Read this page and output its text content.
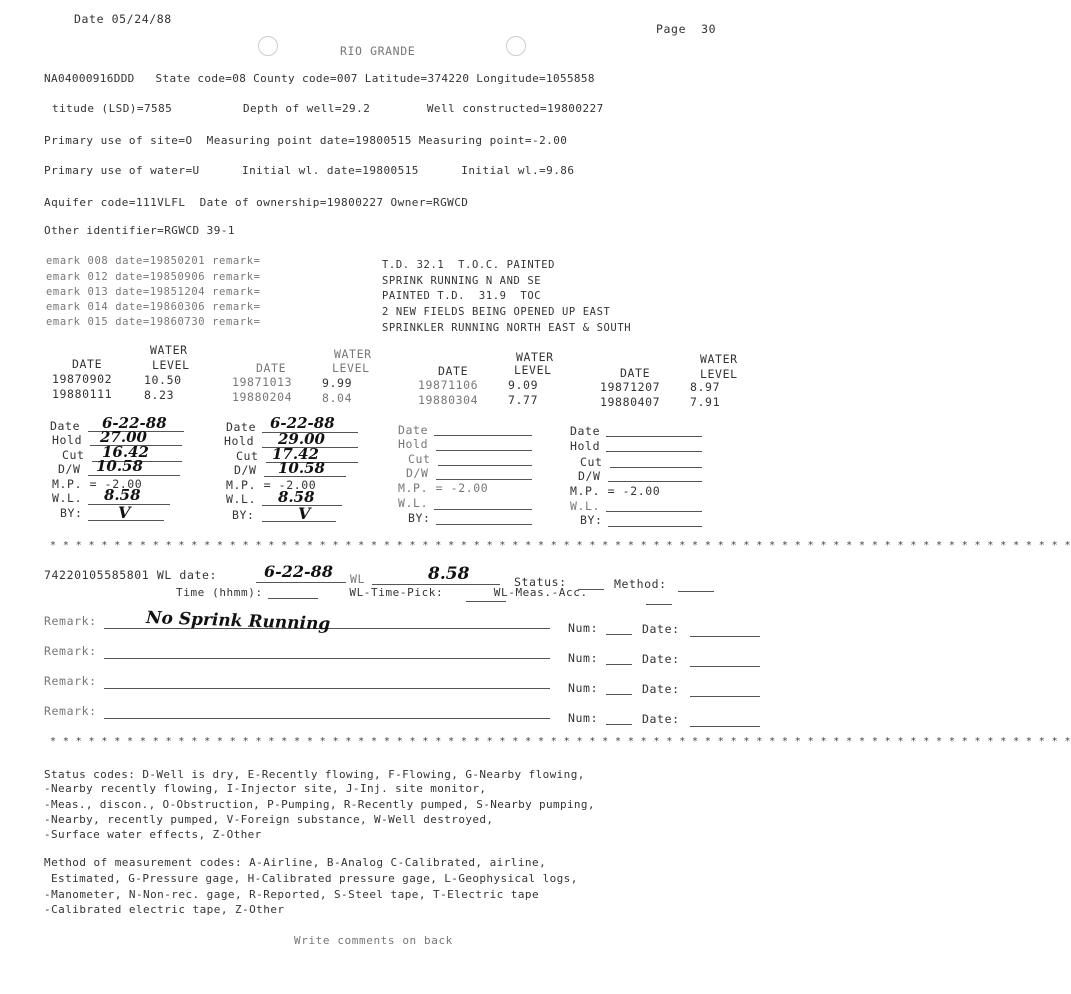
Date 05/24/88
Page  30
RIO GRANDE
NA04000916DDD   State code=08 County code=007 Latitude=374220 Longitude=1055858
titude (LSD)=7585          Depth of well=29.2        Well constructed=19800227
Primary use of site=O  Measuring point date=19800515 Measuring point=-2.00
Primary use of water=U      Initial wl. date=19800515      Initial wl.=9.86
Aquifer code=111VLFL  Date of ownership=19800227 Owner=RGWCD
Other identifier=RGWCD 39-1
emark 008 date=19850201 remark=	T.D. 32.1  T.O.C. PAINTED
emark 012 date=19850906 remark=	SPRINK RUNNING N AND SE
emark 013 date=19851204 remark=	PAINTED T.D.  31.9  TOC
emark 014 date=19860306 remark=	2 NEW FIELDS BEING OPENED UP EAST
emark 015 date=19860730 remark=	SPRINKLER RUNNING NORTH EAST & SOUTH
WATER
DATE	LEVEL
WATER
DATE	LEVEL
WATER
DATE	LEVEL
WATER
DATE	LEVEL
19870902	10.50	19871013	9.99	19871106	9.09	19871207	8.97
19880111	8.23	19880204	8.04	19880304	7.77	19880407	7.91
Date 6-22-88
Hold 27.00
Cut 16.42
D/W 10.58
M.P. = -2.00
W.L. 8.58
BY: V
Date 6-22-88
Hold 29.00
Cut 17.42
D/W 10.58
M.P. = -2.00
W.L. 8.58
BY:	V
Date
Hold
Cut
D/W
M.P. = -2.00
W.L.
BY:
Date
Hold
Cut
D/W
M.P. = -2.00
W.L.
BY:
* * * * * * * * * * * * * * * * * * * * * * * * * * * * * * * * * * * * * * * * * * * * * * * * * * * * * * * * * * * * * * * * * * * * * * * * * * * * * * * *
74220105585801 WL date:	6-22-88 WL	8.58	Status:	Method:
Time (hhmm):            WL-Time-Pick:       WL-Meas.-Acc.
Remark:	No Sprink Running	Num:	Date:
Remark:	Num:	Date:
Remark:	Num:	Date:
Remark:	Num:	Date:
* * * * * * * * * * * * * * * * * * * * * * * * * * * * * * * * * * * * * * * * * * * * * * * * * * * * * * * * * * * * * * * * * * * * * * * * * * * * * * * *
Status codes: D-Well is dry, E-Recently flowing, F-Flowing, G-Nearby flowing,
-Nearby recently flowing, I-Injector site, J-Inj. site monitor,
-Meas., discon., O-Obstruction, P-Pumping, R-Recently pumped, S-Nearby pumping,
-Nearby, recently pumped, V-Foreign substance, W-Well destroyed,
-Surface water effects, Z-Other
Method of measurement codes: A-Airline, B-Analog C-Calibrated, airline,
Estimated, G-Pressure gage, H-Calibrated pressure gage, L-Geophysical logs,
-Manometer, N-Non-rec. gage, R-Reported, S-Steel tape, T-Electric tape
-Calibrated electric tape, Z-Other
Write comments on back
